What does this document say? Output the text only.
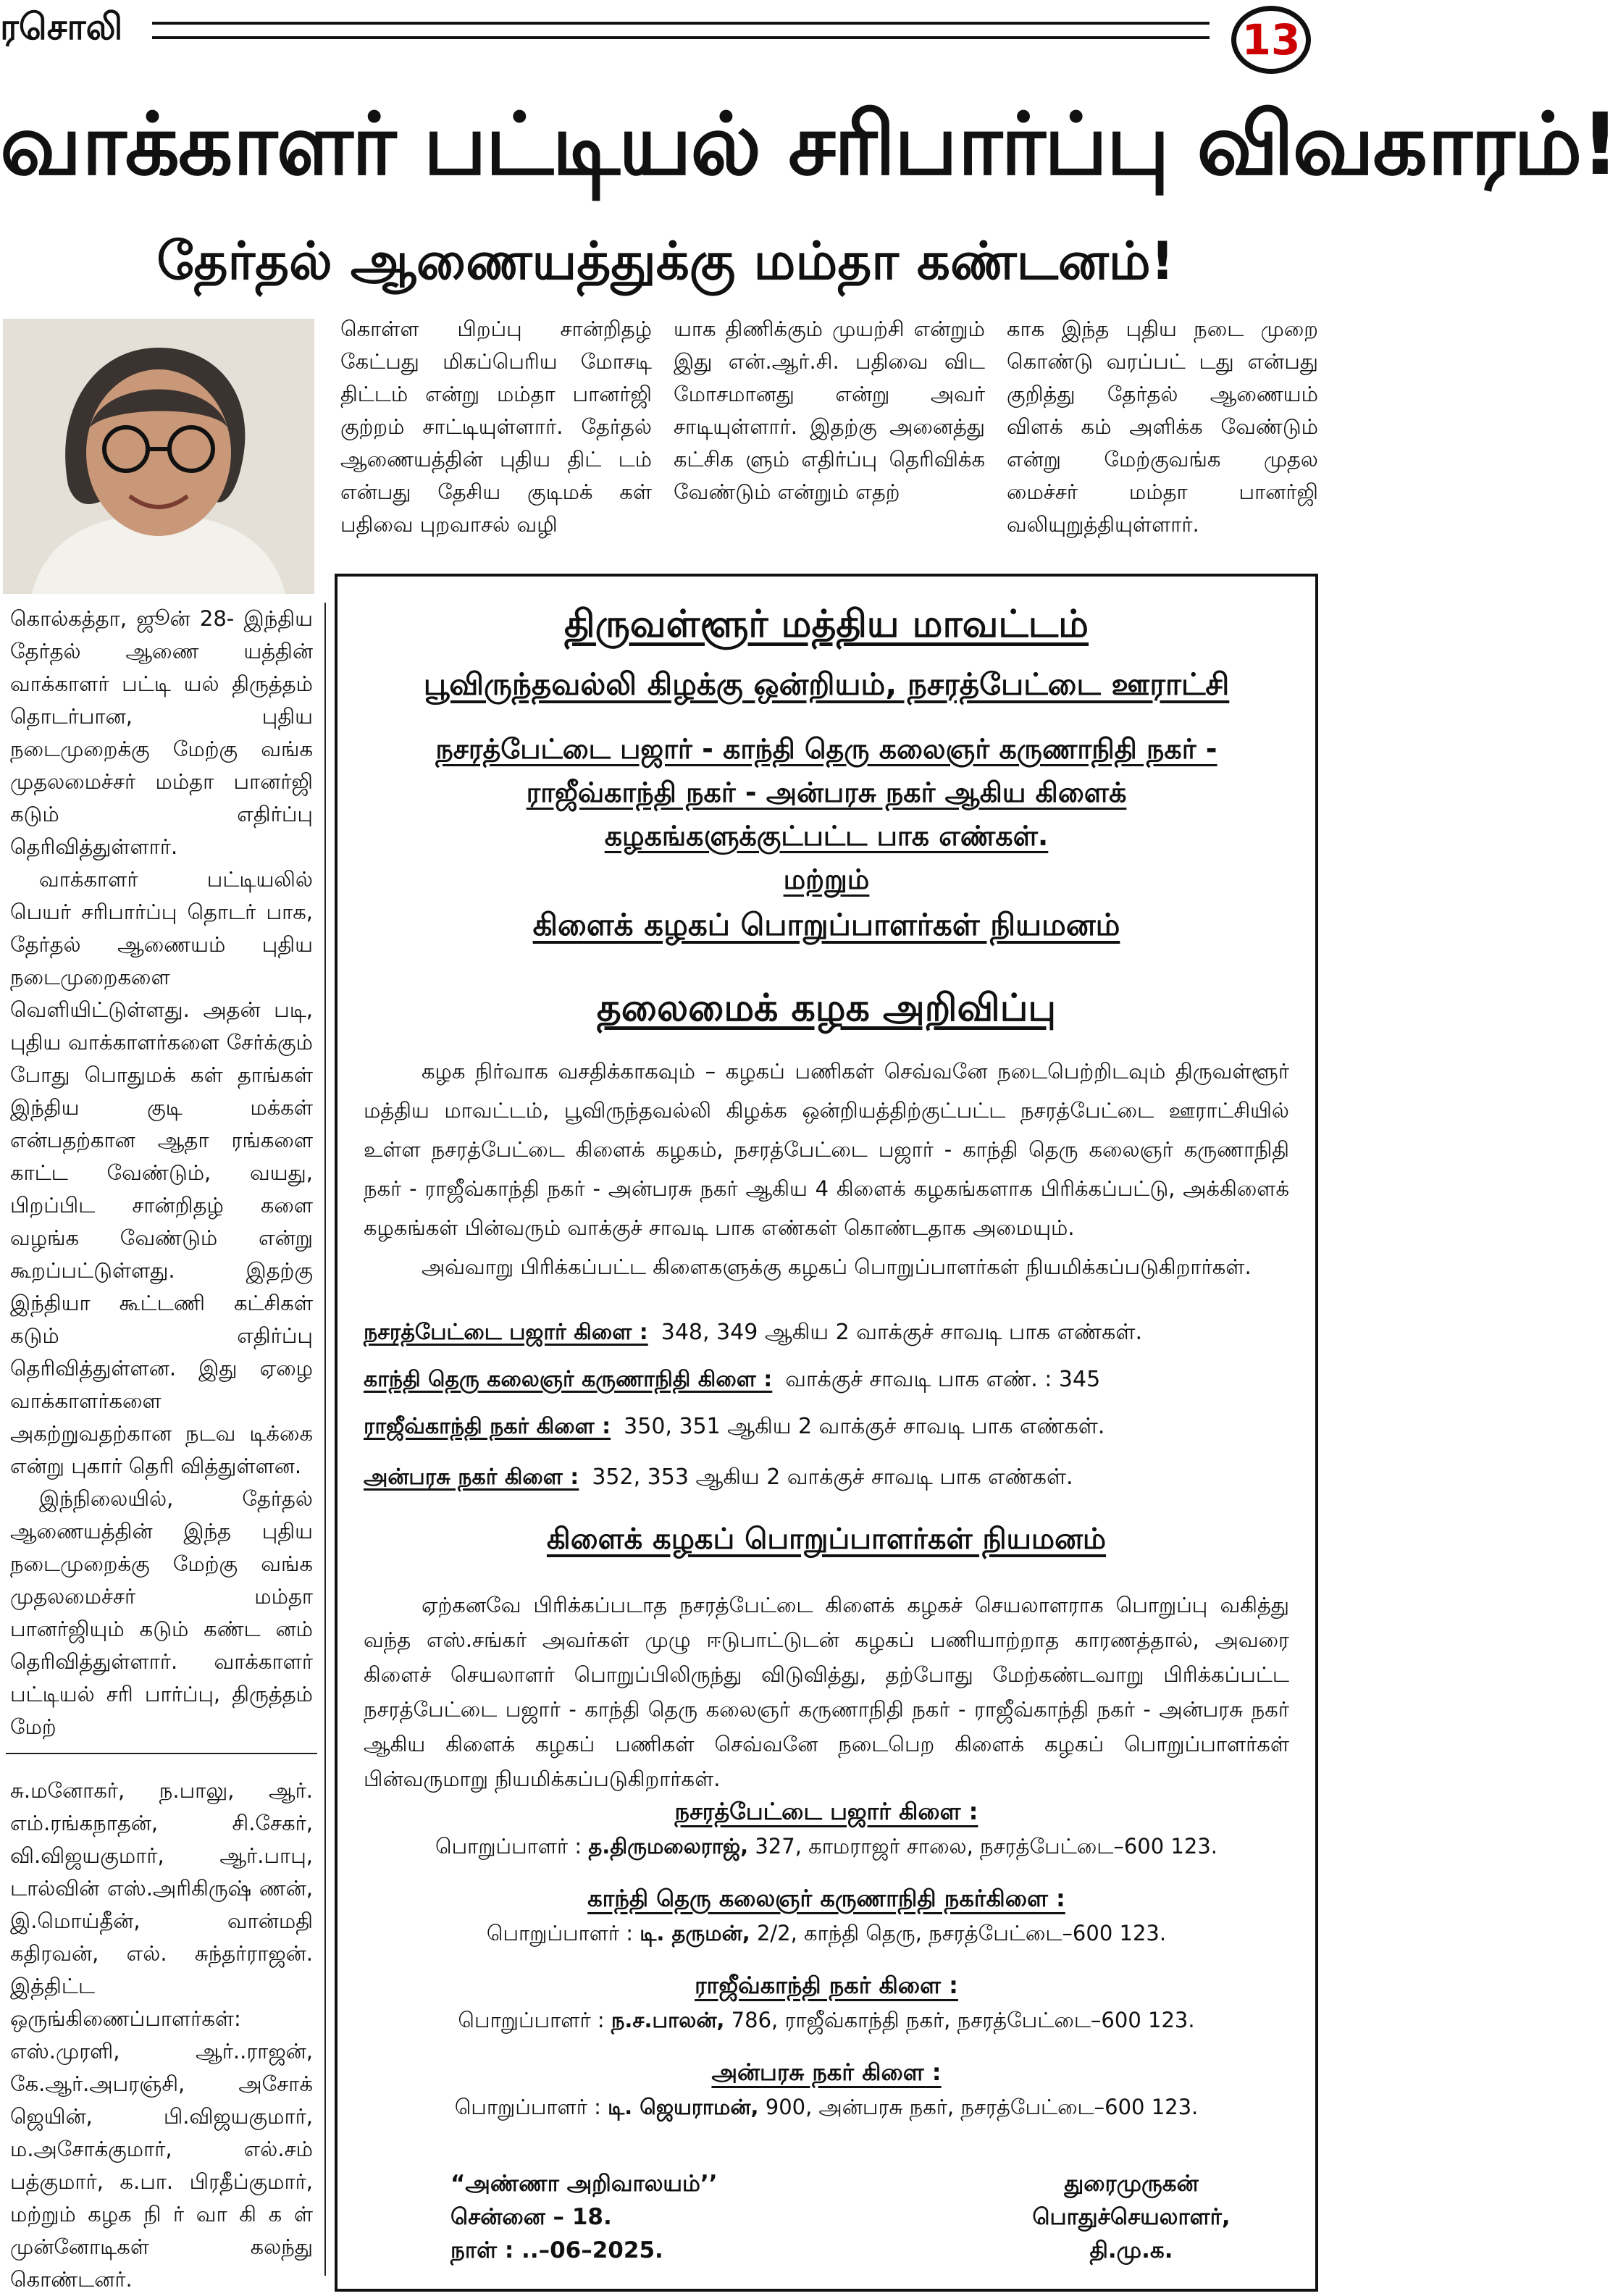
ரசொலி	13
வாக்காளர் பட்டியல் சரிபார்ப்பு விவகாரம்!
தேர்தல் ஆணையத்துக்கு மம்தா கண்டனம்!

கொள்ள பிறப்பு சான்றிதழ் கேட்பது மிகப்பெரிய மோசடி திட்டம் என்று மம்தா பானர்ஜி குற்றம் சாட்டியுள்ளார். தேர்தல் ஆணையத்தின் புதிய திட் டம் என்பது தேசிய குடிமக் கள் பதிவை புறவாசல் வழி

யாக திணிக்கும் முயற்சி என்றும் இது என்.ஆர்.சி. பதிவை விட மோசமானது என்று அவர் சாடியுள்ளார். இதற்கு அனைத்து கட்சிக ளும் எதிர்ப்பு தெரிவிக்க வேண்டும் என்றும் எதற்

காக இந்த புதிய நடை முறை கொண்டு வரப்பட் டது என்பது குறித்து தேர்தல் ஆணையம் விளக் கம் அளிக்க வேண்டும் என்று மேற்குவங்க முதல மைச்சர் மம்தா பானர்ஜி வலியுறுத்தியுள்ளார்.

கொல்கத்தா, ஜூன் 28- இந்திய தேர்தல் ஆணை யத்தின் வாக்காளர் பட்டி யல் திருத்தம் தொடர்பான, புதிய நடைமுறைக்கு மேற்கு வங்க முதலமைச்சர் மம்தா பானர்ஜி கடும் எதிர்ப்பு தெரிவித்துள்ளார்.

வாக்காளர் பட்டியலில் பெயர் சரிபார்ப்பு தொடர் பாக, தேர்தல் ஆணையம் புதிய நடைமுறைகளை வெளியிட்டுள்ளது. அதன் படி, புதிய வாக்காளர்களை சேர்க்கும் போது பொதுமக் கள் தாங்கள் இந்திய குடி மக்கள் என்பதற்கான ஆதா ரங்களை காட்ட வேண்டும், வயது, பிறப்பிட சான்றிதழ் களை வழங்க வேண்டும் என்று கூறப்பட்டுள்ளது. இதற்கு இந்தியா கூட்டணி கட்சிகள் கடும் எதிர்ப்பு தெரிவித்துள்ளன. இது ஏழை வாக்காளர்களை அகற்றுவதற்கான நடவ டிக்கை என்று புகார் தெரி வித்துள்ளன.

இந்நிலையில், தேர்தல் ஆணையத்தின் இந்த புதிய நடைமுறைக்கு மேற்கு வங்க முதலமைச்சர் மம்தா பானர்ஜியும் கடும் கண்ட னம் தெரிவித்துள்ளார். வாக்காளர் பட்டியல் சரி பார்ப்பு, திருத்தம் மேற்

சு.மனோகர், ந.பாலு, ஆர். எம்.ரங்கநாதன், சி.சேகர், வி.விஜயகுமார், ஆர்.பாபு, டால்வின் எஸ்.அரிகிருஷ் ணன், இ.மொய்தீன், வான்மதி கதிரவன், எல். சுந்தர்ராஜன். இத்திட்ட ஒருங்கிணைப்பாளர்கள்: எஸ்.முரளி, ஆர்..ராஜன், கே.ஆர்.அபரஞ்சி, அசோக் ஜெயின், பி.விஜயகுமார், ம.அசோக்குமார், எல்.சம் பத்குமார், க.பா. பிரதீப்குமார், மற்றும் கழக நி ர் வா கி க ள் முன்னோடிகள் கலந்து கொண்டனர்.

திருவள்ளூர் மத்திய மாவட்டம்
பூவிருந்தவல்லி கிழக்கு ஒன்றியம், நசரத்பேட்டை ஊராட்சி
நசரத்பேட்டை பஜார் - காந்தி தெரு கலைஞர் கருணாநிதி நகர் -
ராஜீவ்காந்தி நகர் - அன்பரசு நகர் ஆகிய கிளைக்
கழகங்களுக்குட்பட்ட பாக எண்கள்.
மற்றும்
கிளைக் கழகப் பொறுப்பாளர்கள் நியமனம்
தலைமைக் கழக அறிவிப்பு

கழக நிர்வாக வசதிக்காகவும் – கழகப் பணிகள் செவ்வனே நடைபெற்றிடவும் திருவள்ளூர் மத்திய மாவட்டம், பூவிருந்தவல்லி கிழக்க ஒன்றியத்திற்குட்பட்ட நசரத்பேட்டை ஊராட்சியில் உள்ள நசரத்பேட்டை கிளைக் கழகம், நசரத்பேட்டை பஜார் - காந்தி தெரு கலைஞர் கருணாநிதி நகர் - ராஜீவ்காந்தி நகர் - அன்பரசு நகர் ஆகிய 4 கிளைக் கழகங்களாக பிரிக்கப்பட்டு, அக்கிளைக் கழகங்கள் பின்வரும் வாக்குச் சாவடி பாக எண்கள் கொண்டதாக அமையும்.

அவ்வாறு பிரிக்கப்பட்ட கிளைகளுக்கு கழகப் பொறுப்பாளர்கள் நியமிக்கப்படுகிறார்கள்.

நசரத்பேட்டை பஜார் கிளை : 348, 349 ஆகிய 2 வாக்குச் சாவடி பாக எண்கள்.
காந்தி தெரு கலைஞர் கருணாநிதி கிளை : வாக்குச் சாவடி பாக எண். : 345
ராஜீவ்காந்தி நகர் கிளை : 350, 351 ஆகிய 2 வாக்குச் சாவடி பாக எண்கள்.
அன்பரசு நகர் கிளை : 352, 353 ஆகிய 2 வாக்குச் சாவடி பாக எண்கள்.
கிளைக் கழகப் பொறுப்பாளர்கள் நியமனம்

ஏற்கனவே பிரிக்கப்படாத நசரத்பேட்டை கிளைக் கழகச் செயலாளராக பொறுப்பு வகித்து வந்த எஸ்.சங்கர் அவர்கள் முழு ஈடுபாட்டுடன் கழகப் பணியாற்றாத காரணத்தால், அவரை கிளைச் செயலாளர் பொறுப்பிலிருந்து விடுவித்து, தற்போது மேற்கண்டவாறு பிரிக்கப்பட்ட நசரத்பேட்டை பஜார் - காந்தி தெரு கலைஞர் கருணாநிதி நகர் - ராஜீவ்காந்தி நகர் - அன்பரசு நகர் ஆகிய கிளைக் கழகப் பணிகள் செவ்வனே நடைபெற கிளைக் கழகப் பொறுப்பாளர்கள் பின்வருமாறு நியமிக்கப்படுகிறார்கள்.

நசரத்பேட்டை பஜார் கிளை :
பொறுப்பாளர் : த.திருமலைராஜ், 327, காமராஜர் சாலை, நசரத்பேட்டை–600 123.
காந்தி தெரு கலைஞர் கருணாநிதி நகர்கிளை :
பொறுப்பாளர் : டி. தருமன், 2/2, காந்தி தெரு, நசரத்பேட்டை–600 123.
ராஜீவ்காந்தி நகர் கிளை :
பொறுப்பாளர் : ந.ச.பாலன், 786, ராஜீவ்காந்தி நகர், நசரத்பேட்டை–600 123.
அன்பரசு நகர் கிளை :
பொறுப்பாளர் : டி. ஜெயராமன், 900, அன்பரசு நகர், நசரத்பேட்டை–600 123.
“அண்ணா அறிவாலயம்’’
சென்னை – 18.
நாள் : ..–06–2025.
துரைமுருகன்
பொதுச்செயலாளர்,
தி.மு.க.
